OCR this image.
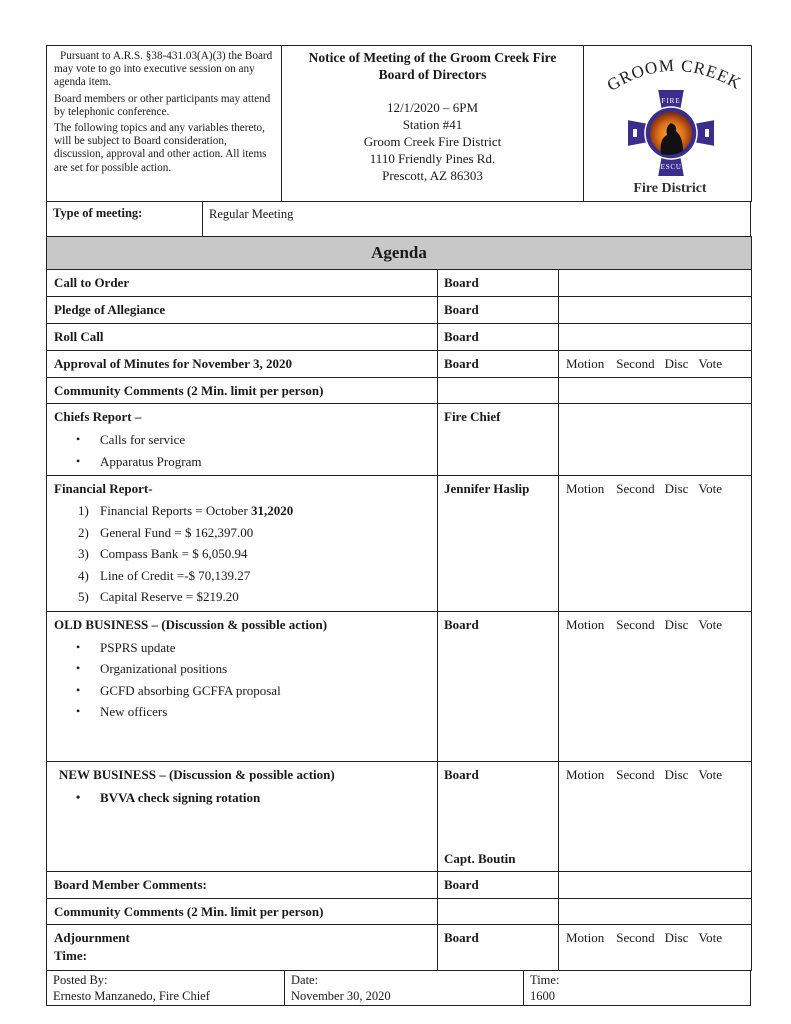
Pursuant to A.R.S. §38-431.03(A)(3) the Board may vote to go into executive session on any agenda item.

Board members or other participants may attend by telephonic conference.

The following topics and any variables thereto, will be subject to Board consideration, discussion, approval and other action. All items are set for possible action.

Notice of Meeting of the Groom Creek Fire
Board of Directors
12/1/2020 – 6PM
Station #41
Groom Creek Fire District
1110 Friendly Pines Rd.
Prescott, AZ 86303

GROOM CREEK
FIRE
RESCUE
Fire District
Type of meeting:	Regular Meeting
Agenda		

Call to Order	Board	

Pledge of Allegiance	Board	

Roll Call	Board	

Approval of Minutes for November 3, 2020	Board	Motion Second Disc Vote

Community Comments (2 Min. limit per person)		

Chiefs Report –
• Calls for service
• Apparatus Program

Fire Chief

Financial Report-
1) Financial Reports = October 31,2020
2) General Fund = $ 162,397.00
3) Compass Bank = $ 6,050.94
4) Line of Credit =-$ 70,139.27
5) Capital Reserve = $219.20

Jennifer Haslip	Motion Second Disc Vote

OLD BUSINESS – (Discussion & possible action)
• PSPRS update
• Organizational positions
• GCFD absorbing GCFFA proposal
• New officers

Board	Motion Second Disc Vote

NEW BUSINESS – (Discussion & possible action)
• BVVA check signing rotation

Board
Capt. Boutin
	Motion Second Disc Vote

Board Member Comments:	Board	

Community Comments (2 Min. limit per person)		

Adjournment
Time:	Board	Motion Second Disc Vote
Posted By:
Ernesto Manzanedo, Fire Chief

Date:
November 30, 2020

Time:
1600
